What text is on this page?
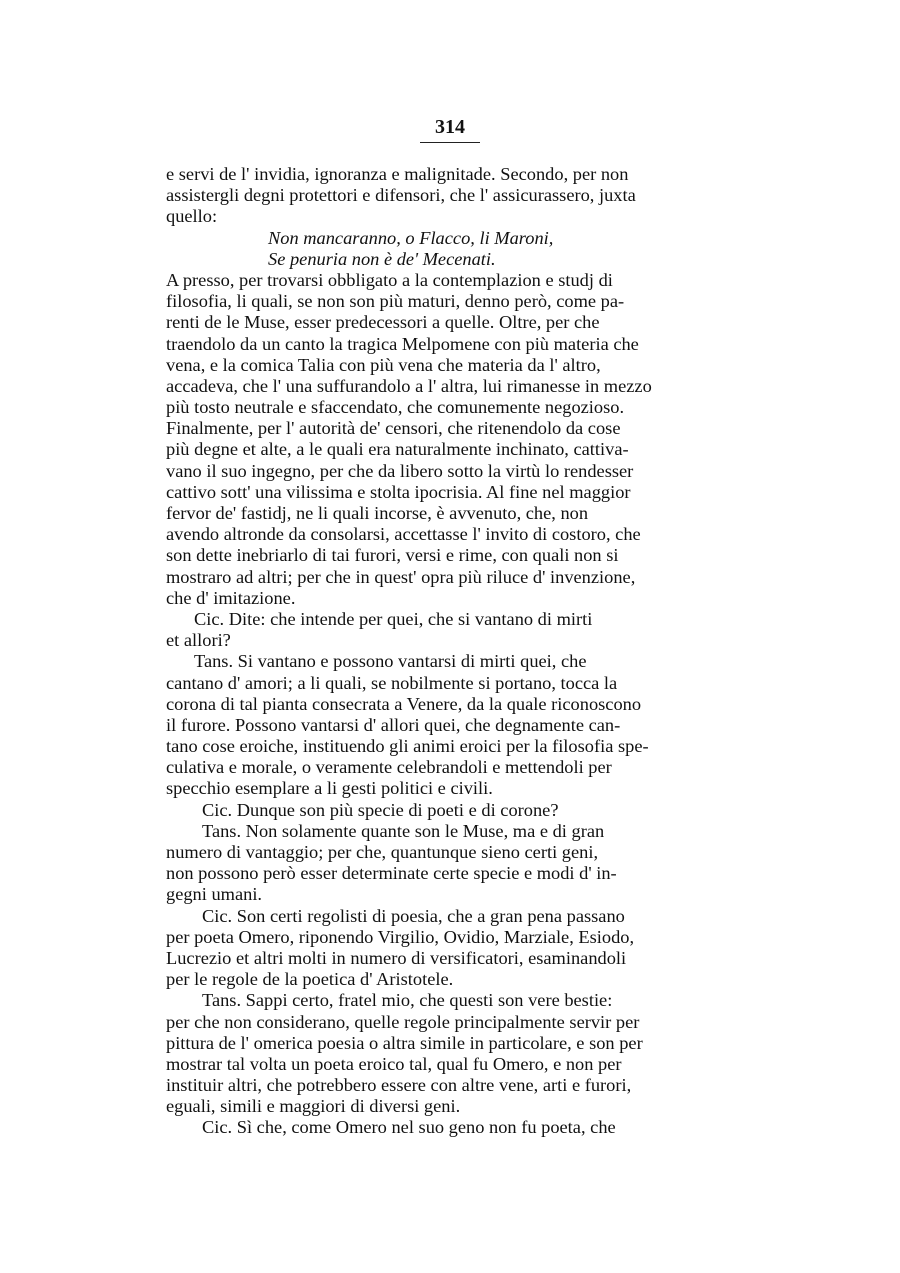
314
e servi de l' invidia, ignoranza e malignitade. Secondo, per non
assistergli degni protettori e difensori, che l' assicurassero, juxta
quello:
Non mancaranno, o Flacco, li Maroni,
Se penuria non è de' Mecenati.
A presso, per trovarsi obbligato a la contemplazion e studj di
filosofia, li quali, se non son più maturi, denno però, come pa-
renti de le Muse, esser predecessori a quelle. Oltre, per che
traendolo da un canto la tragica Melpomene con più materia che
vena, e la comica Talia con più vena che materia da l' altro,
accadeva, che l' una suffurandolo a l' altra, lui rimanesse in mezzo
più tosto neutrale e sfaccendato, che comunemente negozioso.
Finalmente, per l' autorità de' censori, che ritenendolo da cose
più degne et alte, a le quali era naturalmente inchinato, cattiva-
vano il suo ingegno, per che da libero sotto la virtù lo rendesser
cattivo sott' una vilissima e stolta ipocrisia. Al fine nel maggior
fervor de' fastidj, ne li quali incorse, è avvenuto, che, non
avendo altronde da consolarsi, accettasse l' invito di costoro, che
son dette inebriarlo di tai furori, versi e rime, con quali non si
mostraro ad altri; per che in quest' opra più riluce d' invenzione,
che d' imitazione.
Cic. Dite: che intende per quei, che si vantano di mirti
et allori?
Tans. Si vantano e possono vantarsi di mirti quei, che
cantano d' amori; a li quali, se nobilmente si portano, tocca la
corona di tal pianta consecrata a Venere, da la quale riconoscono
il furore. Possono vantarsi d' allori quei, che degnamente can-
tano cose eroiche, instituendo gli animi eroici per la filosofia spe-
culativa e morale, o veramente celebrandoli e mettendoli per
specchio esemplare a li gesti politici e civili.
Cic. Dunque son più specie di poeti e di corone?
Tans. Non solamente quante son le Muse, ma e di gran
numero di vantaggio; per che, quantunque sieno certi geni,
non possono però esser determinate certe specie e modi d' in-
gegni umani.
Cic. Son certi regolisti di poesia, che a gran pena passano
per poeta Omero, riponendo Virgilio, Ovidio, Marziale, Esiodo,
Lucrezio et altri molti in numero di versificatori, esaminandoli
per le regole de la poetica d' Aristotele.
Tans. Sappi certo, fratel mio, che questi son vere bestie:
per che non considerano, quelle regole principalmente servir per
pittura de l' omerica poesia o altra simile in particolare, e son per
mostrar tal volta un poeta eroico tal, qual fu Omero, e non per
instituir altri, che potrebbero essere con altre vene, arti e furori,
eguali, simili e maggiori di diversi geni.
Cic. Sì che, come Omero nel suo geno non fu poeta, che
